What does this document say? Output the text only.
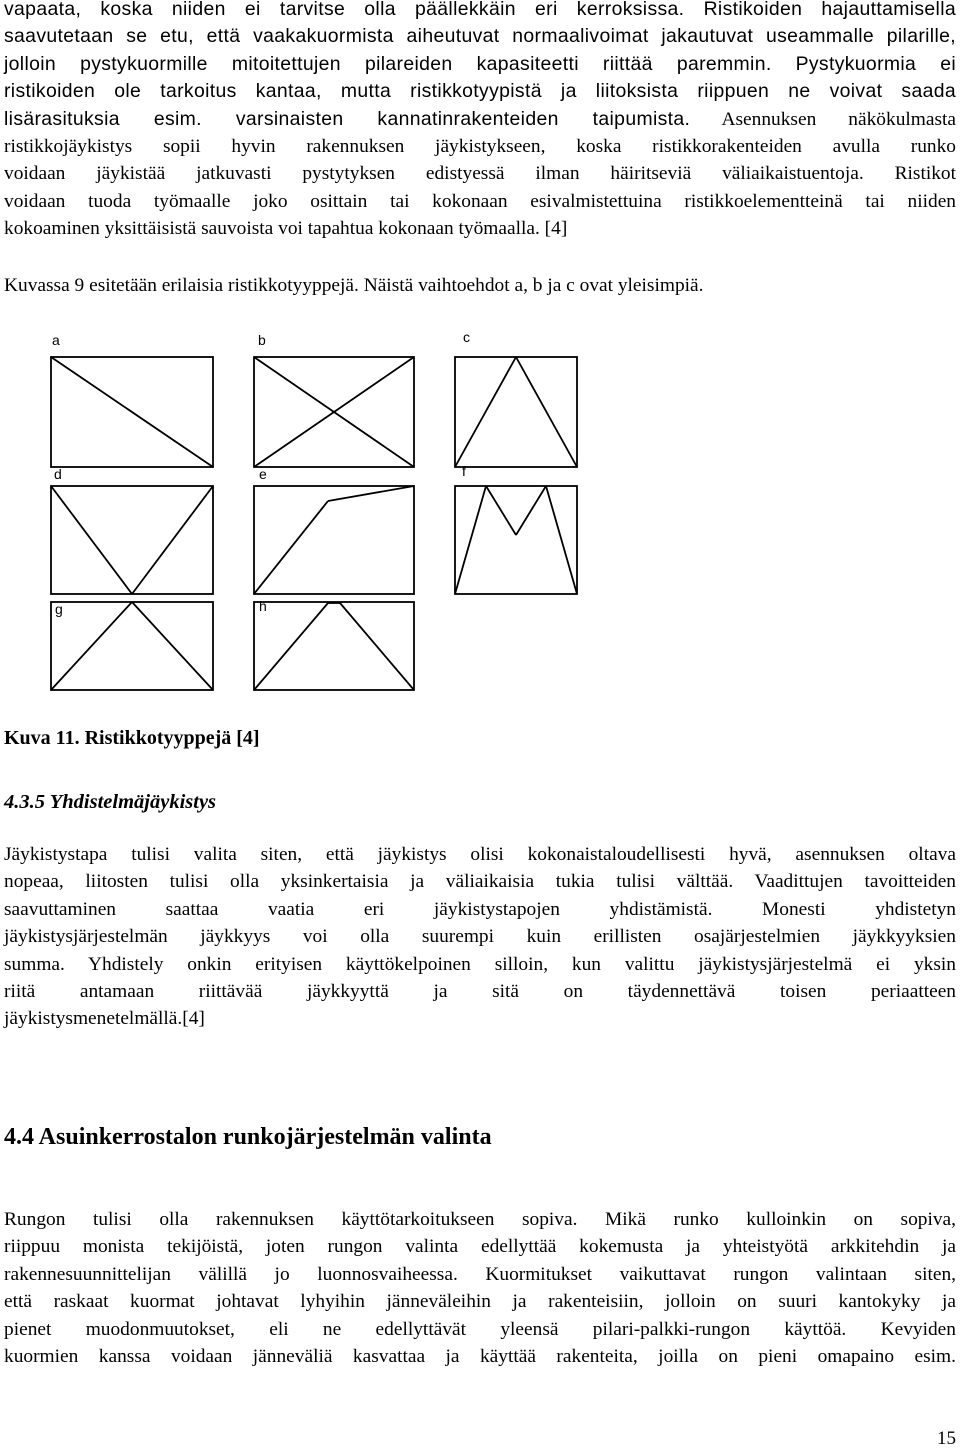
vapaata, koska niiden ei tarvitse olla päällekkäin eri kerroksissa. Ristikoiden hajauttamisella
saavutetaan se etu, että vaakakuormista aiheutuvat normaalivoimat jakautuvat useammalle pilarille,
jolloin pystykuormille mitoitettujen pilareiden kapasiteetti riittää paremmin. Pystykuormia ei
ristikoiden ole tarkoitus kantaa, mutta ristikkotyypistä ja liitoksista riippuen ne voivat saada
lisärasituksia esim. varsinaisten kannatinrakenteiden taipumista. Asennuksen näkökulmasta
ristikkojäykistys sopii hyvin rakennuksen jäykistykseen, koska ristikkorakenteiden avulla runko
voidaan jäykistää jatkuvasti pystytyksen edistyessä ilman häiritseviä väliaikaistuentoja. Ristikot
voidaan tuoda työmaalle joko osittain tai kokonaan esivalmistettuina ristikkoelementteinä tai niiden
kokoaminen yksittäisistä sauvoista voi tapahtua kokonaan työmaalla. [4]
Kuvassa 9 esitetään erilaisia ristikkotyyppejä. Näistä vaihtoehdot a, b ja c ovat yleisimpiä.
a	b	c
d	e	f
g	h
Kuva 11. Ristikkotyyppejä [4]
4.3.5 Yhdistelmäjäykistys
Jäykistystapa tulisi valita siten, että jäykistys olisi kokonaistaloudellisesti hyvä, asennuksen oltava
nopeaa, liitosten tulisi olla yksinkertaisia ja väliaikaisia tukia tulisi välttää. Vaadittujen tavoitteiden
saavuttaminen saattaa vaatia eri jäykistystapojen yhdistämistä. Monesti yhdistetyn
jäykistysjärjestelmän jäykkyys voi olla suurempi kuin erillisten osajärjestelmien jäykkyyksien
summa. Yhdistely onkin erityisen käyttökelpoinen silloin, kun valittu jäykistysjärjestelmä ei yksin
riitä antamaan riittävää jäykkyyttä ja sitä on täydennettävä toisen periaatteen
jäykistysmenetelmällä.[4]
4.4 Asuinkerrostalon runkojärjestelmän valinta
Rungon tulisi olla rakennuksen käyttötarkoitukseen sopiva. Mikä runko kulloinkin on sopiva,
riippuu monista tekijöistä, joten rungon valinta edellyttää kokemusta ja yhteistyötä arkkitehdin ja
rakennesuunnittelijan välillä jo luonnosvaiheessa. Kuormitukset vaikuttavat rungon valintaan siten,
että raskaat kuormat johtavat lyhyihin jänneväleihin ja rakenteisiin, jolloin on suuri kantokyky ja
pienet muodonmuutokset, eli ne edellyttävät yleensä pilari-palkki-rungon käyttöä. Kevyiden
kuormien kanssa voidaan jänneväliä kasvattaa ja käyttää rakenteita, joilla on pieni omapaino esim.
15
